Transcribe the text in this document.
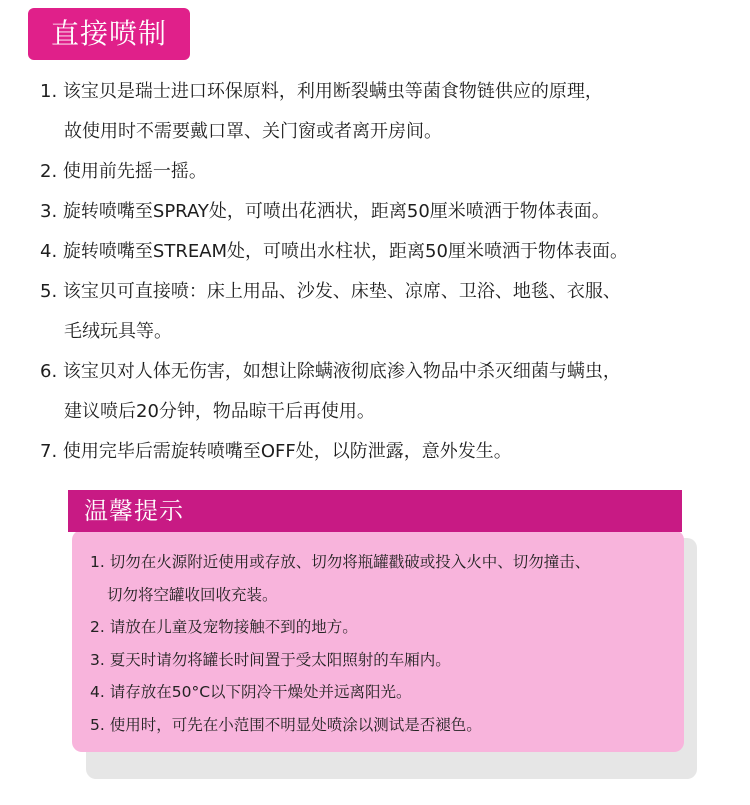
直接喷制
1. 该宝贝是瑞士进口环保原料，利用断裂螨虫等菌食物链供应的原理，
故使用时不需要戴口罩、关门窗或者离开房间。
2. 使用前先摇一摇。
3. 旋转喷嘴至SPRAY处，可喷出花洒状，距离50厘米喷洒于物体表面。
4. 旋转喷嘴至STREAM处，可喷出水柱状，距离50厘米喷洒于物体表面。
5. 该宝贝可直接喷：床上用品、沙发、床垫、凉席、卫浴、地毯、衣服、
毛绒玩具等。
6. 该宝贝对人体无伤害，如想让除螨液彻底渗入物品中杀灭细菌与螨虫，
建议喷后20分钟，物品晾干后再使用。
7. 使用完毕后需旋转喷嘴至OFF处，以防泄露，意外发生。
温馨提示
1. 切勿在火源附近使用或存放、切勿将瓶罐戳破或投入火中、切勿撞击、
切勿将空罐收回收充装。
2. 请放在儿童及宠物接触不到的地方。
3. 夏天时请勿将罐长时间置于受太阳照射的车厢内。
4. 请存放在50°C以下阴冷干燥处并远离阳光。
5. 使用时，可先在小范围不明显处喷涂以测试是否褪色。
